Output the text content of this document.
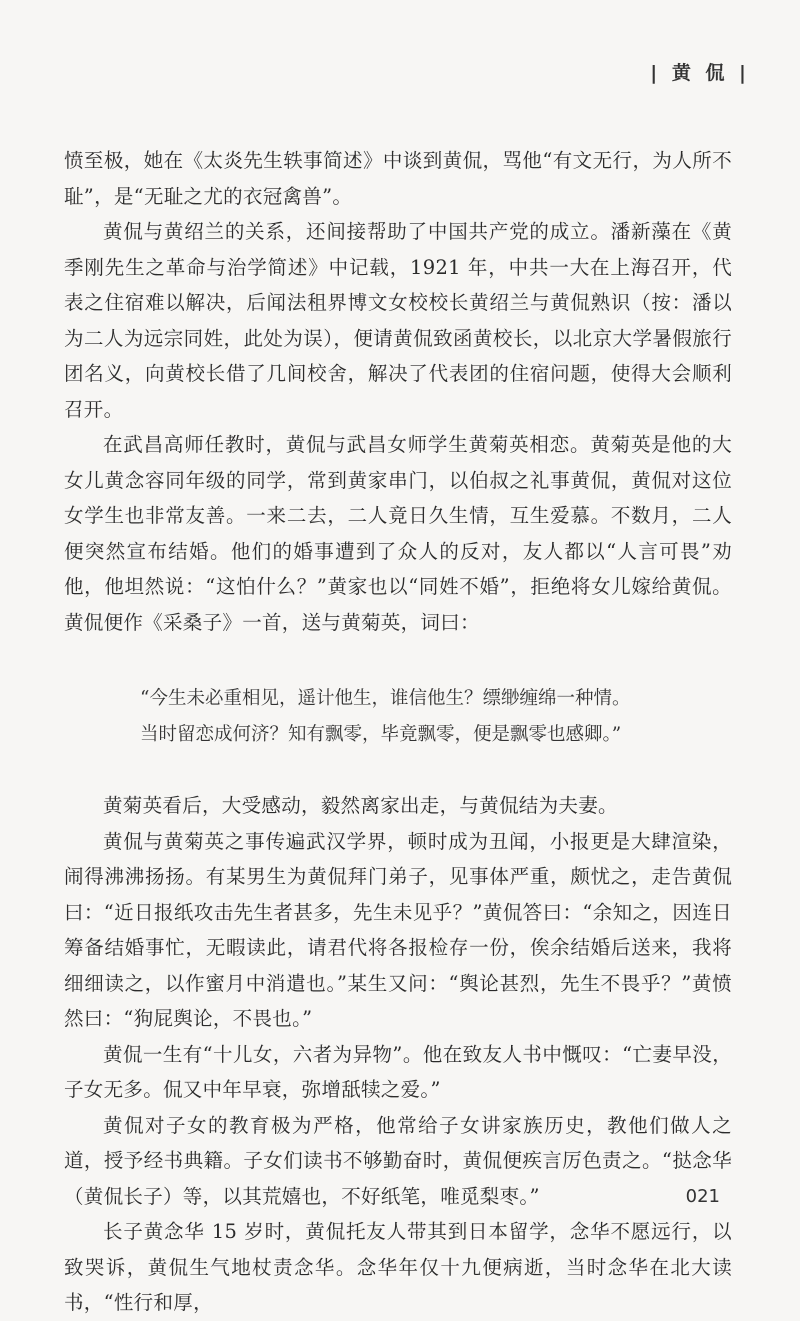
| 黄 侃 |

愤至极，她在《太炎先生轶事简述》中谈到黄侃，骂他“有文无行，为人所不耻”，是“无耻之尤的衣冠禽兽”。

黄侃与黄绍兰的关系，还间接帮助了中国共产党的成立。潘新藻在《黄季刚先生之革命与治学简述》中记载，1921 年，中共一大在上海召开，代表之住宿难以解决，后闻法租界博文女校校长黄绍兰与黄侃熟识（按：潘以为二人为远宗同姓，此处为误），便请黄侃致函黄校长，以北京大学暑假旅行团名义，向黄校长借了几间校舍，解决了代表团的住宿问题，使得大会顺利召开。

在武昌高师任教时，黄侃与武昌女师学生黄菊英相恋。黄菊英是他的大女儿黄念容同年级的同学，常到黄家串门，以伯叔之礼事黄侃，黄侃对这位女学生也非常友善。一来二去，二人竟日久生情，互生爱慕。不数月，二人便突然宣布结婚。他们的婚事遭到了众人的反对，友人都以“人言可畏”劝他，他坦然说：“这怕什么？”黄家也以“同姓不婚”，拒绝将女儿嫁给黄侃。黄侃便作《采桑子》一首，送与黄菊英，词曰：

“今生未必重相见，遥计他生，谁信他生？缥缈缠绵一种情。
当时留恋成何济？知有飘零，毕竟飘零，便是飘零也感卿。”

黄菊英看后，大受感动，毅然离家出走，与黄侃结为夫妻。

黄侃与黄菊英之事传遍武汉学界，顿时成为丑闻，小报更是大肆渲染，闹得沸沸扬扬。有某男生为黄侃拜门弟子，见事体严重，颇忧之，走告黄侃曰：“近日报纸攻击先生者甚多，先生未见乎？”黄侃答曰：“余知之，因连日筹备结婚事忙，无暇读此，请君代将各报检存一份，俟余结婚后送来，我将细细读之，以作蜜月中消遣也。”某生又问：“舆论甚烈，先生不畏乎？”黄愤然曰：“狗屁舆论，不畏也。”

黄侃一生有“十儿女，六者为异物”。他在致友人书中慨叹：“亡妻早没，子女无多。侃又中年早衰，弥增舐犊之爱。”

黄侃对子女的教育极为严格，他常给子女讲家族历史，教他们做人之道，授予经书典籍。子女们读书不够勤奋时，黄侃便疾言厉色责之。“挞念华（黄侃长子）等，以其荒嬉也，不好纸笔，唯觅梨枣。”

长子黄念华 15 岁时，黄侃托友人带其到日本留学，念华不愿远行，以致哭诉，黄侃生气地杖责念华。念华年仅十九便病逝，当时念华在北大读书，“性行和厚，

021
